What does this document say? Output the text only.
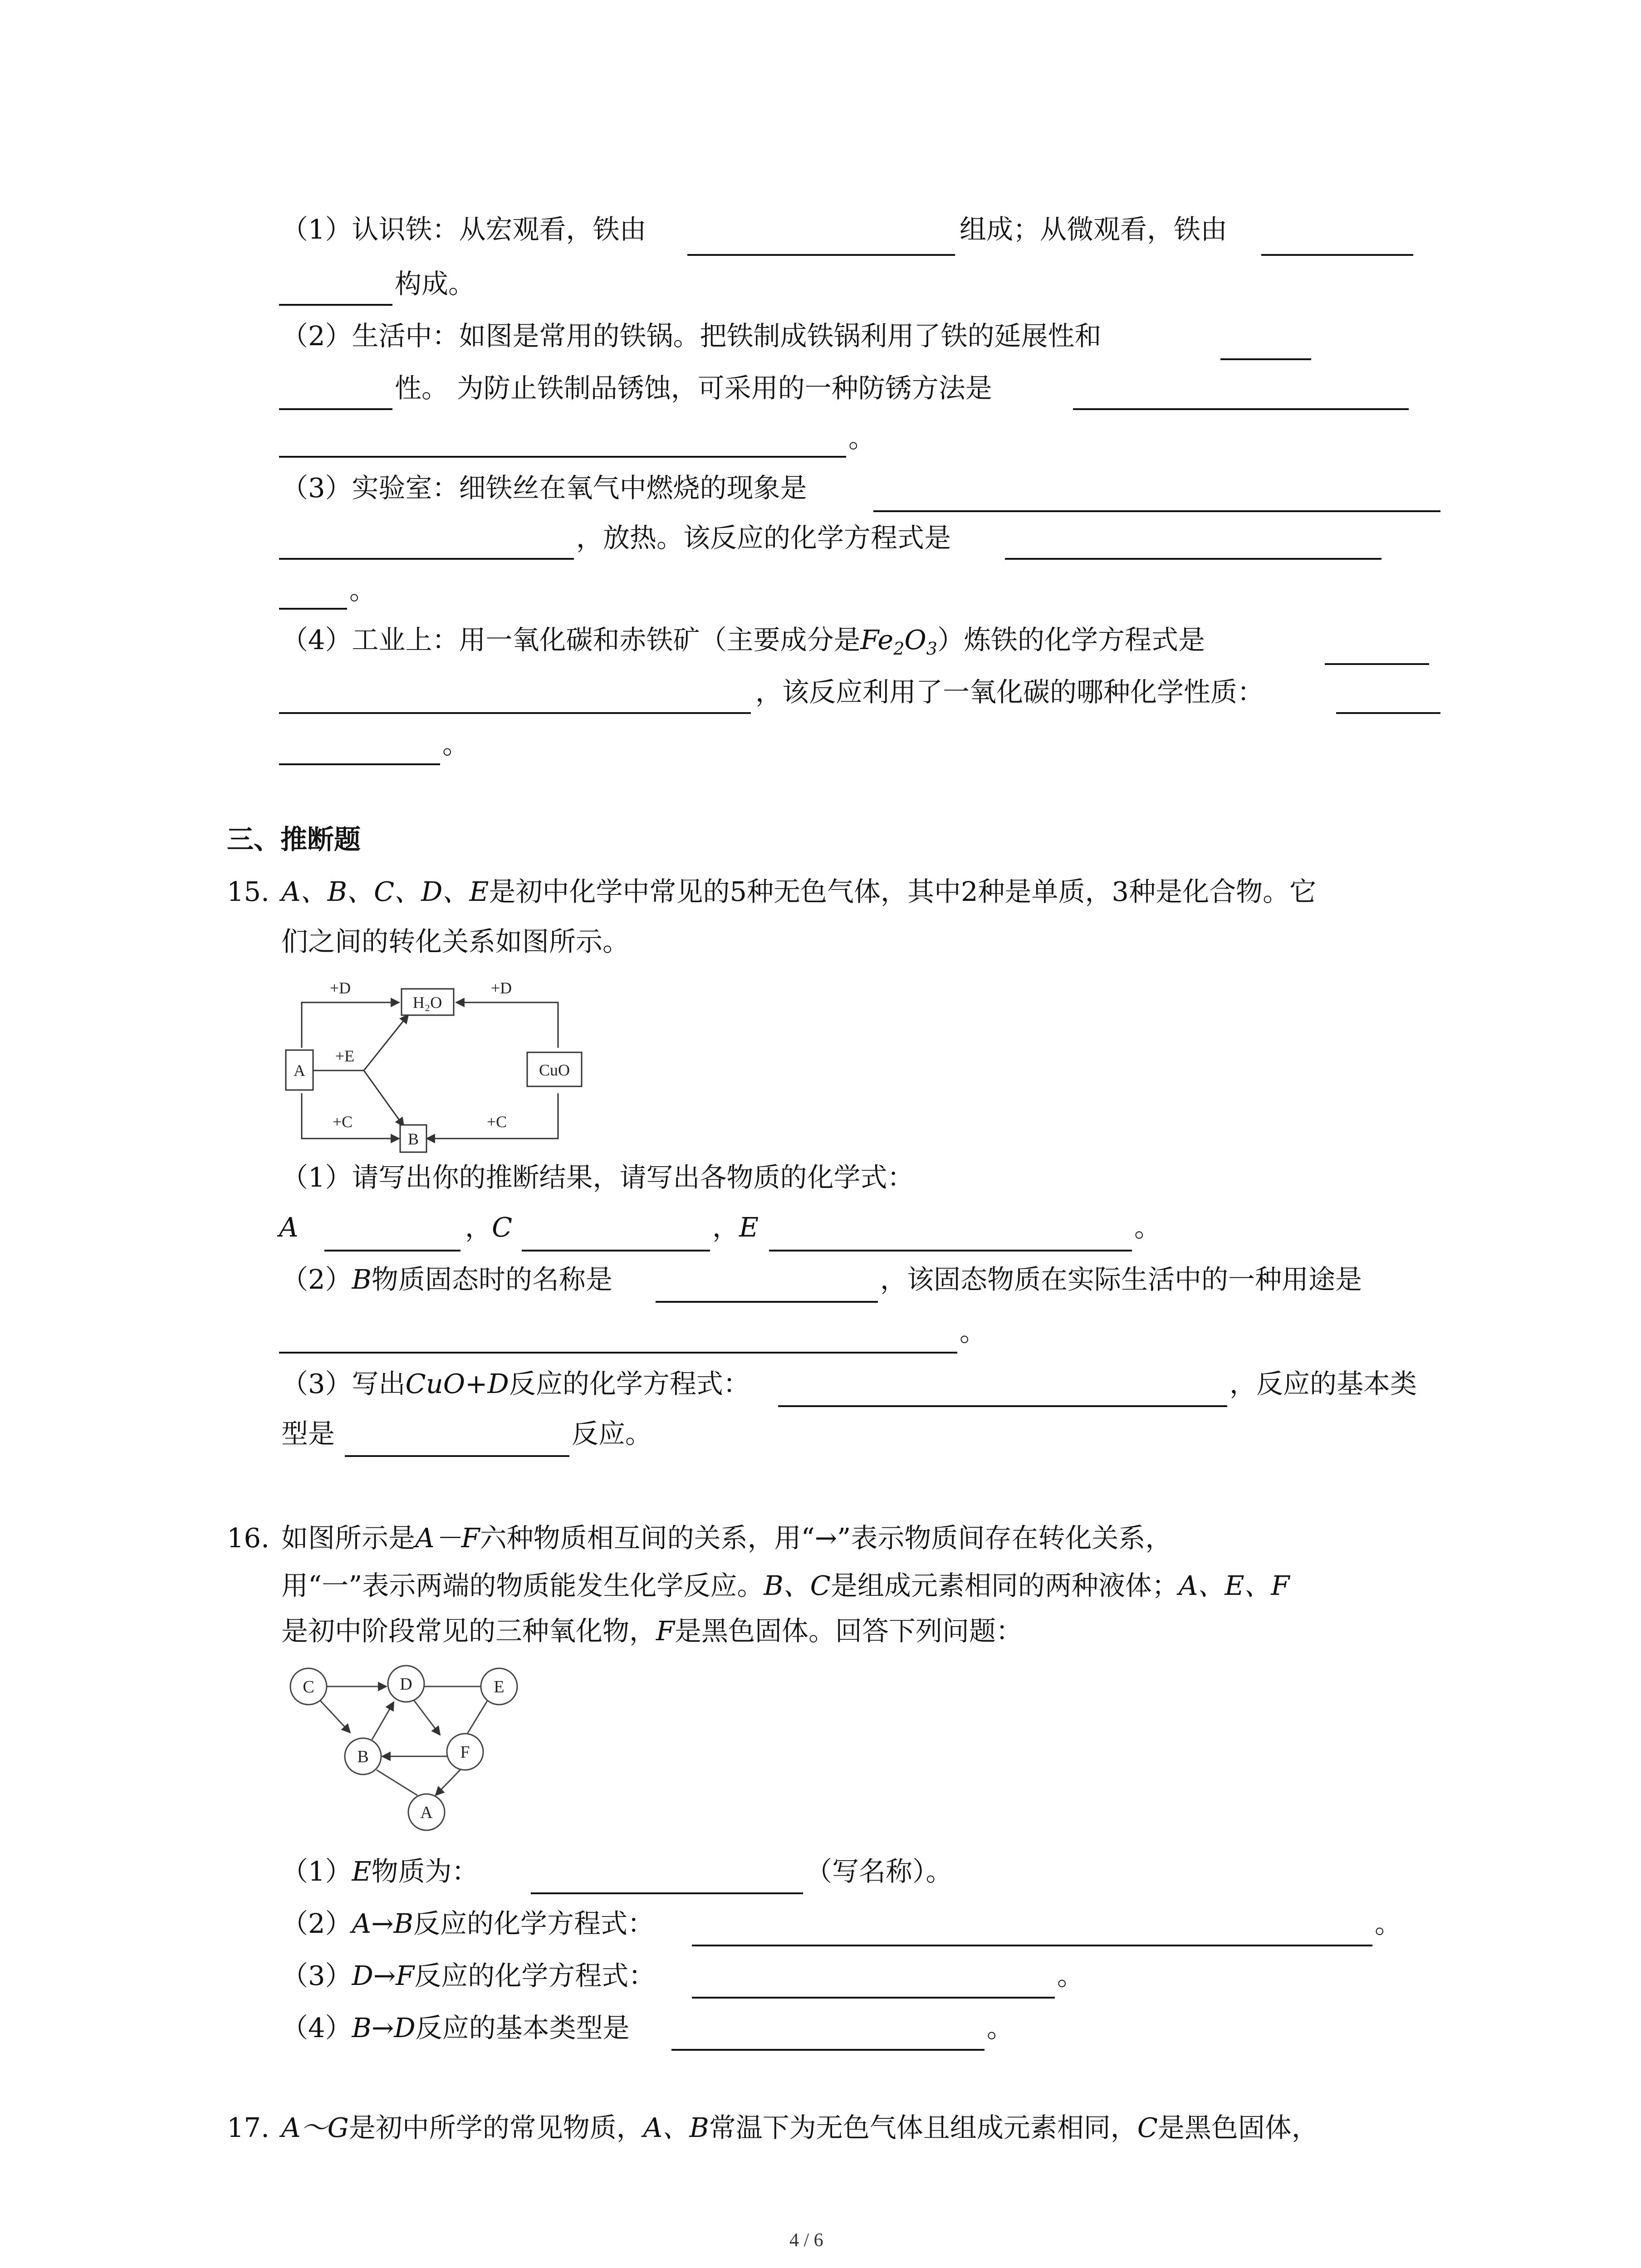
（1）认识铁：从宏观看，铁由	组成；从微观看，铁由
构成。
（2）生活中：如图是常用的铁锅。把铁制成铁锅利用了铁的延展性和
性。 为防止铁制品锈蚀，可采用的一种防锈方法是
。
（3）实验室：细铁丝在氧气中燃烧的现象是
，放热。该反应的化学方程式是
。
（4）工业上：用一氧化碳和赤铁矿（主要成分是$Fe_2O_3$）炼铁的化学方程式是
，该反应利用了一氧化碳的哪种化学性质：
。
三、推断题
15. A、B、C、D、E是初中化学中常见的5种无色气体，其中2种是单质，3种是化合物。它
们之间的转化关系如图所示。
H₂O
A	CuO
B
+D	+D
+E
+C	+C
（1）请写出你的推断结果，请写出各物质的化学式：
A	，C	，E	。
（2）B物质固态时的名称是	，该固态物质在实际生活中的一种用途是
。
（3）写出CuO+D反应的化学方程式：	，反应的基本类
型是	反应。
16. 如图所示是A－F六种物质相互间的关系，用“→”表示物质间存在转化关系，
用“一”表示两端的物质能发生化学反应。B、C是组成元素相同的两种液体；A、E、F
是初中阶段常见的三种氧化物，F是黑色固体。回答下列问题：
C	D	E
B	F
A
（1）E物质为：	（写名称）。
（2）A→B反应的化学方程式：	。
（3）D→F反应的化学方程式：	。
（4）B→D反应的基本类型是	。
17. A～G是初中所学的常见物质，A、B常温下为无色气体且组成元素相同，C是黑色固体，
4 / 6
